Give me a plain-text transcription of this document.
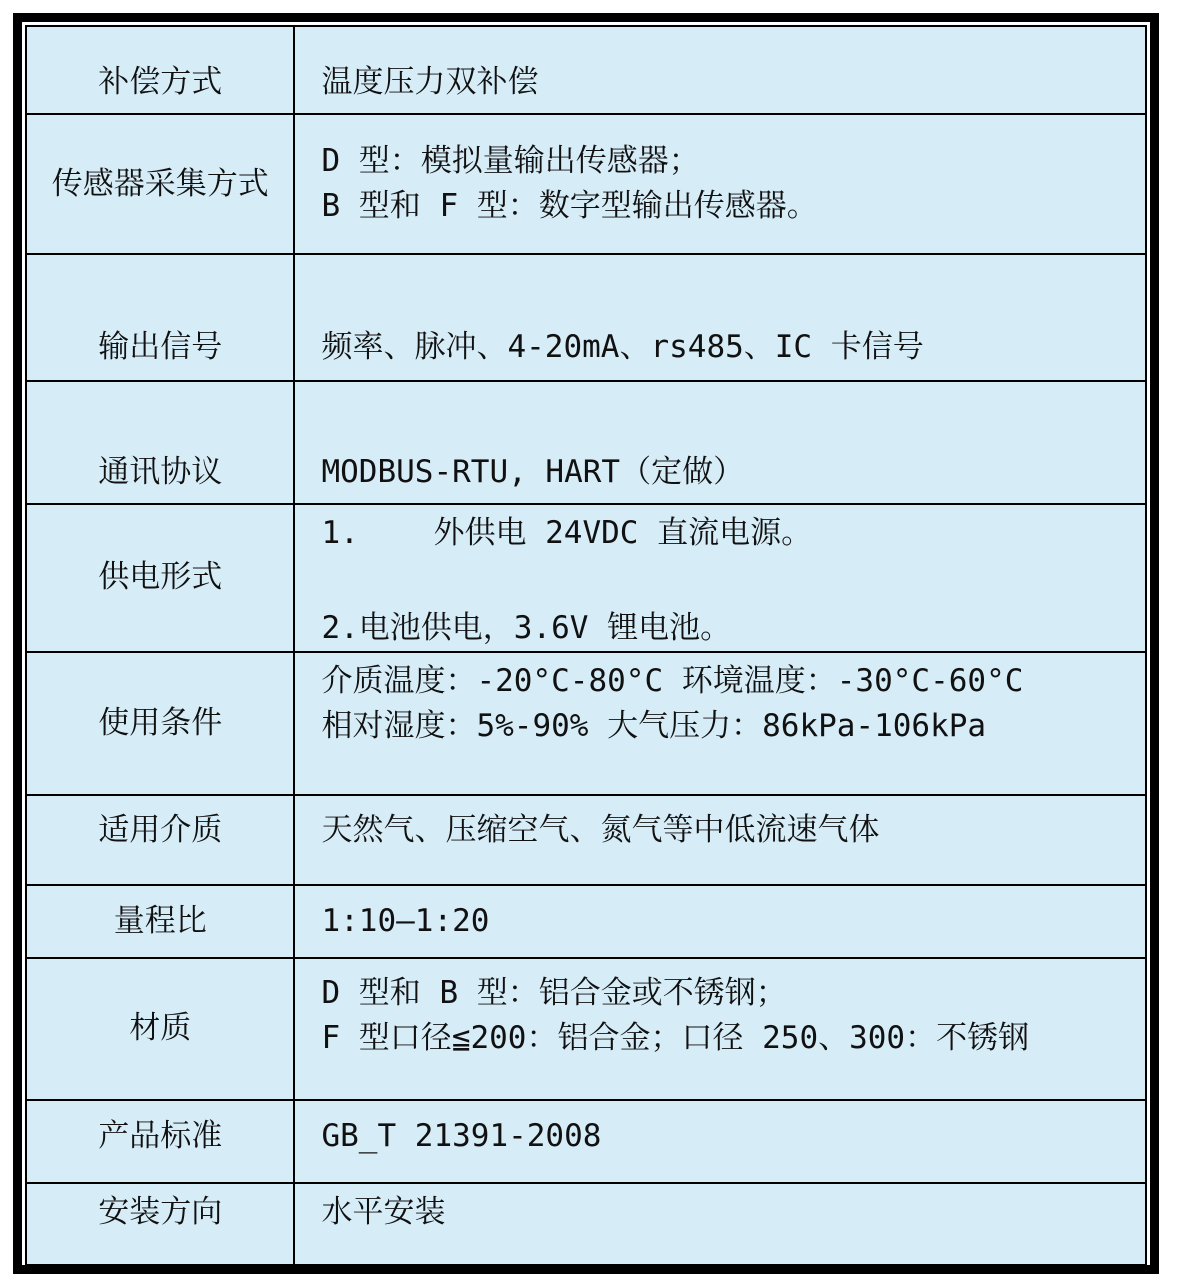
补偿方式	温度压力双补偿

传感器采集方式	D 型：模拟量输出传感器；
B 型和 F 型：数字型输出传感器。

输出信号	频率、脉冲、4-20mA、rs485、IC 卡信号

通讯协议	MODBUS-RTU, HART（定做）

供电形式	1.    外供电 24VDC 直流电源。
2.电池供电，3.6V 锂电池。

使用条件	介质温度：-20°C-80°C 环境温度：-30°C-60°C
相对湿度：5%-90% 大气压力：86kPa-106kPa

适用介质	天然气、压缩空气、氮气等中低流速气体

量程比	1:10—1:20

材质	D 型和 B 型：铝合金或不锈钢；
F 型口径≦200：铝合金；口径 250、300：不锈钢

产品标准	GB_T 21391-2008

安装方向	水平安装
